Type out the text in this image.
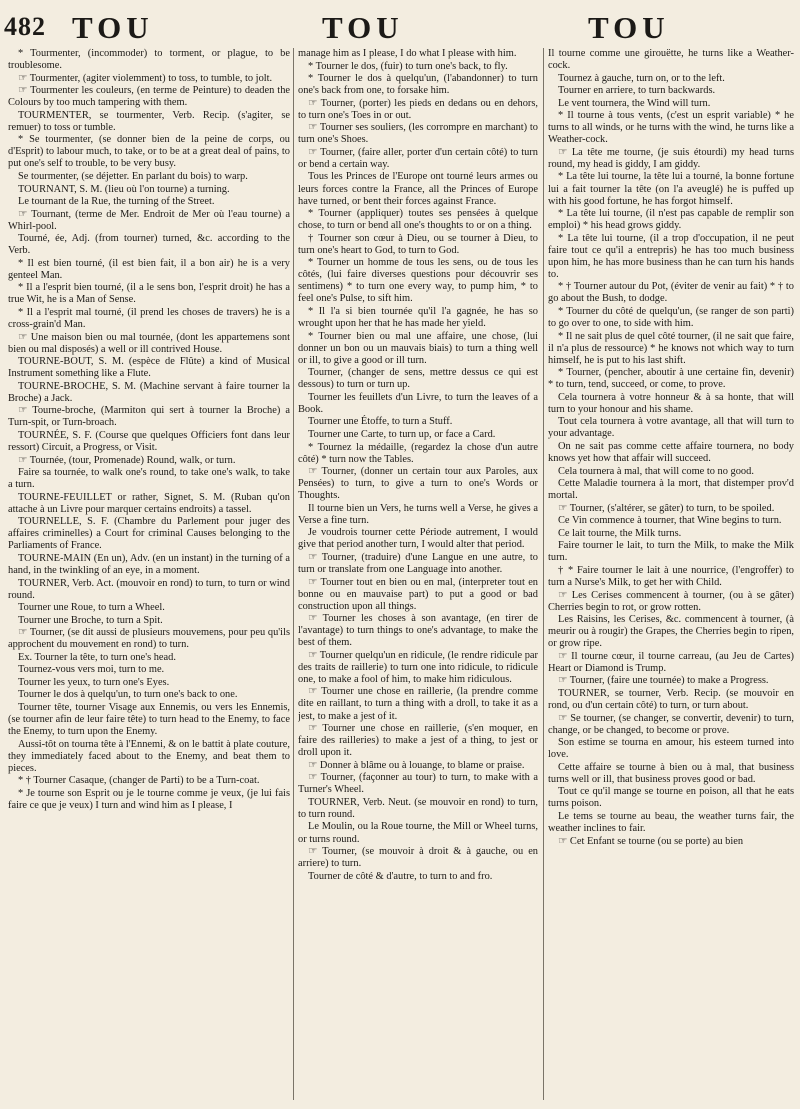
482 TOU	TOU	TOU

* Tourmenter, (incommoder) to torment, or plague, to be troublesome.

☞ Tourmenter, (agiter violemment) to toss, to tumble, to jolt.

☞ Tourmenter les couleurs, (en terme de Peinture) to deaden the Colours by too much tampering with them.

TOURMENTER, se tourmenter, Verb. Recip. (s'agiter, se remuer) to toss or tumble.

* Se tourmenter, (se donner bien de la peine de corps, ou d'Esprit) to labour much, to take, or to be at a great deal of pains, to put one's self to trouble, to be very busy.

Se tourmenter, (se déjetter. En parlant du bois) to warp.

TOURNANT, S. M. (lieu où l'on tourne) a turning.

Le tournant de la Rue, the turning of the Street.

☞ Tournant, (terme de Mer. Endroit de Mer où l'eau tourne) a Whirl-pool.

Tourné, ée, Adj. (from tourner) turned, &c. according to the Verb.

* Il est bien tourné, (il est bien fait, il a bon air) he is a very genteel Man.

* Il a l'esprit bien tourné, (il a le sens bon, l'esprit droit) he has a true Wit, he is a Man of Sense.

* Il a l'esprit mal tourné, (il prend les choses de travers) he is a cross-grain'd Man.

☞ Une maison bien ou mal tournée, (dont les appartemens sont bien ou mal disposés) a well or ill contrived House.

TOURNE-BOUT, S. M. (espèce de Flûte) a kind of Musical Instrument something like a Flute.

TOURNE-BROCHE, S. M. (Machine servant à faire tourner la Broche) a Jack.

☞ Tourne-broche, (Marmiton qui sert à tourner la Broche) a Turn-spit, or Turn-broach.

TOURNÉE, S. F. (Course que quelques Officiers font dans leur ressort) Circuit, a Progress, or Visit.

☞ Tournée, (tour, Promenade) Round, walk, or turn.

Faire sa tournée, to walk one's round, to take one's walk, to take a turn.

TOURNE-FEUILLET or rather, Signet, S. M. (Ruban qu'on attache à un Livre pour marquer certains endroits) a tassel.

TOURNELLE, S. F. (Chambre du Parlement pour juger des affaires criminelles) a Court for criminal Causes belonging to the Parliaments of France.

TOURNE-MAIN (En un), Adv. (en un instant) in the turning of a hand, in the twinkling of an eye, in a moment.

TOURNER, Verb. Act. (mouvoir en rond) to turn, to turn or wind round.

Tourner une Roue, to turn a Wheel.

Tourner une Broche, to turn a Spit.

☞ Tourner, (se dit aussi de plusieurs mouvemens, pour peu qu'ils approchent du mouvement en rond) to turn.

Ex. Tourner la tête, to turn one's head.

Tournez-vous vers moi, turn to me.

Tourner les yeux, to turn one's Eyes.

Tourner le dos à quelqu'un, to turn one's back to one.

Tourner tête, tourner Visage aux Ennemis, ou vers les Ennemis, (se tourner afin de leur faire tête) to turn head to the Enemy, to face the Enemy, to turn upon the Enemy.

Aussi-tôt on tourna tête à l'Ennemi, & on le battit à plate couture, they immediately faced about to the Enemy, and beat them to pieces.

* † Tourner Casaque, (changer de Parti) to be a Turn-coat.

* Je tourne son Esprit ou je le tourne comme je veux, (je lui fais faire ce que je veux) I turn and wind him as I please, I

manage him as I please, I do what I please with him.

* Tourner le dos, (fuir) to turn one's back, to fly.

* Tourner le dos à quelqu'un, (l'abandonner) to turn one's back from one, to forsake him.

☞ Tourner, (porter) les pieds en dedans ou en dehors, to turn one's Toes in or out.

☞ Tourner ses souliers, (les corrompre en marchant) to turn one's Shoes.

☞ Tourner, (faire aller, porter d'un certain côté) to turn or bend a certain way.

Tous les Princes de l'Europe ont tourné leurs armes ou leurs forces contre la France, all the Princes of Europe have turned, or bent their forces against France.

* Tourner (appliquer) toutes ses pensées à quelque chose, to turn or bend all one's thoughts to or on a thing.

† Tourner son cœur à Dieu, ou se tourner à Dieu, to turn one's heart to God, to turn to God.

* Tourner un homme de tous les sens, ou de tous les côtés, (lui faire diverses questions pour découvrir ses sentimens) * to turn one every way, to pump him, * to feel one's Pulse, to sift him.

* Il l'a si bien tournée qu'il l'a gagnée, he has so wrought upon her that he has made her yield.

* Tourner bien ou mal une affaire, une chose, (lui donner un bon ou un mauvais biais) to turn a thing well or ill, to give a good or ill turn.

Tourner, (changer de sens, mettre dessus ce qui est dessous) to turn or turn up.

Tourner les feuillets d'un Livre, to turn the leaves of a Book.

Tourner une Étoffe, to turn a Stuff.

Tourner une Carte, to turn up, or face a Card.

* Tournez la médaille, (regardez la chose d'un autre côté) * turn now the Tables.

☞ Tourner, (donner un certain tour aux Paroles, aux Pensées) to turn, to give a turn to one's Words or Thoughts.

Il tourne bien un Vers, he turns well a Verse, he gives a Verse a fine turn.

Je voudrois tourner cette Période autrement, I would give that period another turn, I would alter that period.

☞ Tourner, (traduire) d'une Langue en une autre, to turn or translate from one Language into another.

☞ Tourner tout en bien ou en mal, (interpreter tout en bonne ou en mauvaise part) to put a good or bad construction upon all things.

☞ Tourner les choses à son avantage, (en tirer de l'avantage) to turn things to one's advantage, to make the best of them.

☞ Tourner quelqu'un en ridicule, (le rendre ridicule par des traits de raillerie) to turn one into ridicule, to ridicule one, to make a fool of him, to make him ridiculous.

☞ Tourner une chose en raillerie, (la prendre comme dite en raillant, to turn a thing with a droll, to take it as a jest, to make a jest of it.

☞ Tourner une chose en raillerie, (s'en moquer, en faire des railleries) to make a jest of a thing, to jest or droll upon it.

☞ Donner à blâme ou à louange, to blame or praise.

☞ Tourner, (façonner au tour) to turn, to make with a Turner's Wheel.

TOURNER, Verb. Neut. (se mouvoir en rond) to turn, to turn round.

Le Moulin, ou la Roue tourne, the Mill or Wheel turns, or turns round.

☞ Tourner, (se mouvoir à droit & à gauche, ou en arriere) to turn.

Tourner de côté & d'autre, to turn to and fro.

Il tourne comme une girouëtte, he turns like a Weather-cock.

Tournez à gauche, turn on, or to the left.

Tourner en arriere, to turn backwards.

Le vent tournera, the Wind will turn.

* Il tourne à tous vents, (c'est un esprit variable) * he turns to all winds, or he turns with the wind, he turns like a Weather-cock.

☞ La tête me tourne, (je suis étourdi) my head turns round, my head is giddy, I am giddy.

* La tête lui tourne, la tête lui a tourné, la bonne fortune lui a fait tourner la tête (on l'a aveuglé) he is puffed up with his good fortune, he has forgot himself.

* La tête lui tourne, (il n'est pas capable de remplir son emploi) * his head grows giddy.

* La tête lui tourne, (il a trop d'occupation, il ne peut faire tout ce qu'il a entrepris) he has too much business upon him, he has more business than he can turn his hands to.

* † Tourner autour du Pot, (éviter de venir au fait) * † to go about the Bush, to dodge.

* Tourner du côté de quelqu'un, (se ranger de son parti) to go over to one, to side with him.

* Il ne sait plus de quel côté tourner, (il ne sait que faire, il n'a plus de ressource) * he knows not which way to turn himself, he is put to his last shift.

* Tourner, (pencher, aboutir à une certaine fin, devenir) * to turn, tend, succeed, or come, to prove.

Cela tournera à votre honneur & à sa honte, that will turn to your honour and his shame.

Tout cela tournera à votre avantage, all that will turn to your advantage.

On ne sait pas comme cette affaire tournera, no body knows yet how that affair will succeed.

Cela tournera à mal, that will come to no good.

Cette Maladie tournera à la mort, that distemper prov'd mortal.

☞ Tourner, (s'altérer, se gâter) to turn, to be spoiled.

Ce Vin commence à tourner, that Wine begins to turn.

Ce lait tourne, the Milk turns.

Faire tourner le lait, to turn the Milk, to make the Milk turn.

† * Faire tourner le lait à une nourrice, (l'engroffer) to turn a Nurse's Milk, to get her with Child.

☞ Les Cerises commencent à tourner, (ou à se gâter) Cherries begin to rot, or grow rotten.

Les Raisins, les Cerises, &c. commencent à tourner, (à meurir ou à rougir) the Grapes, the Cherries begin to ripen, or grow ripe.

☞ Il tourne cœur, il tourne carreau, (au Jeu de Cartes) Heart or Diamond is Trump.

☞ Tourner, (faire une tournée) to make a Progress.

TOURNER, se tourner, Verb. Recip. (se mouvoir en rond, ou d'un certain côté) to turn, or turn about.

☞ Se tourner, (se changer, se convertir, devenir) to turn, change, or be changed, to become or prove.

Son estime se tourna en amour, his esteem turned into love.

Cette affaire se tourne à bien ou à mal, that business turns well or ill, that business proves good or bad.

Tout ce qu'il mange se tourne en poison, all that he eats turns poison.

Le tems se tourne au beau, the weather turns fair, the weather inclines to fair.

☞ Cet Enfant se tourne (ou se porte) au bien
